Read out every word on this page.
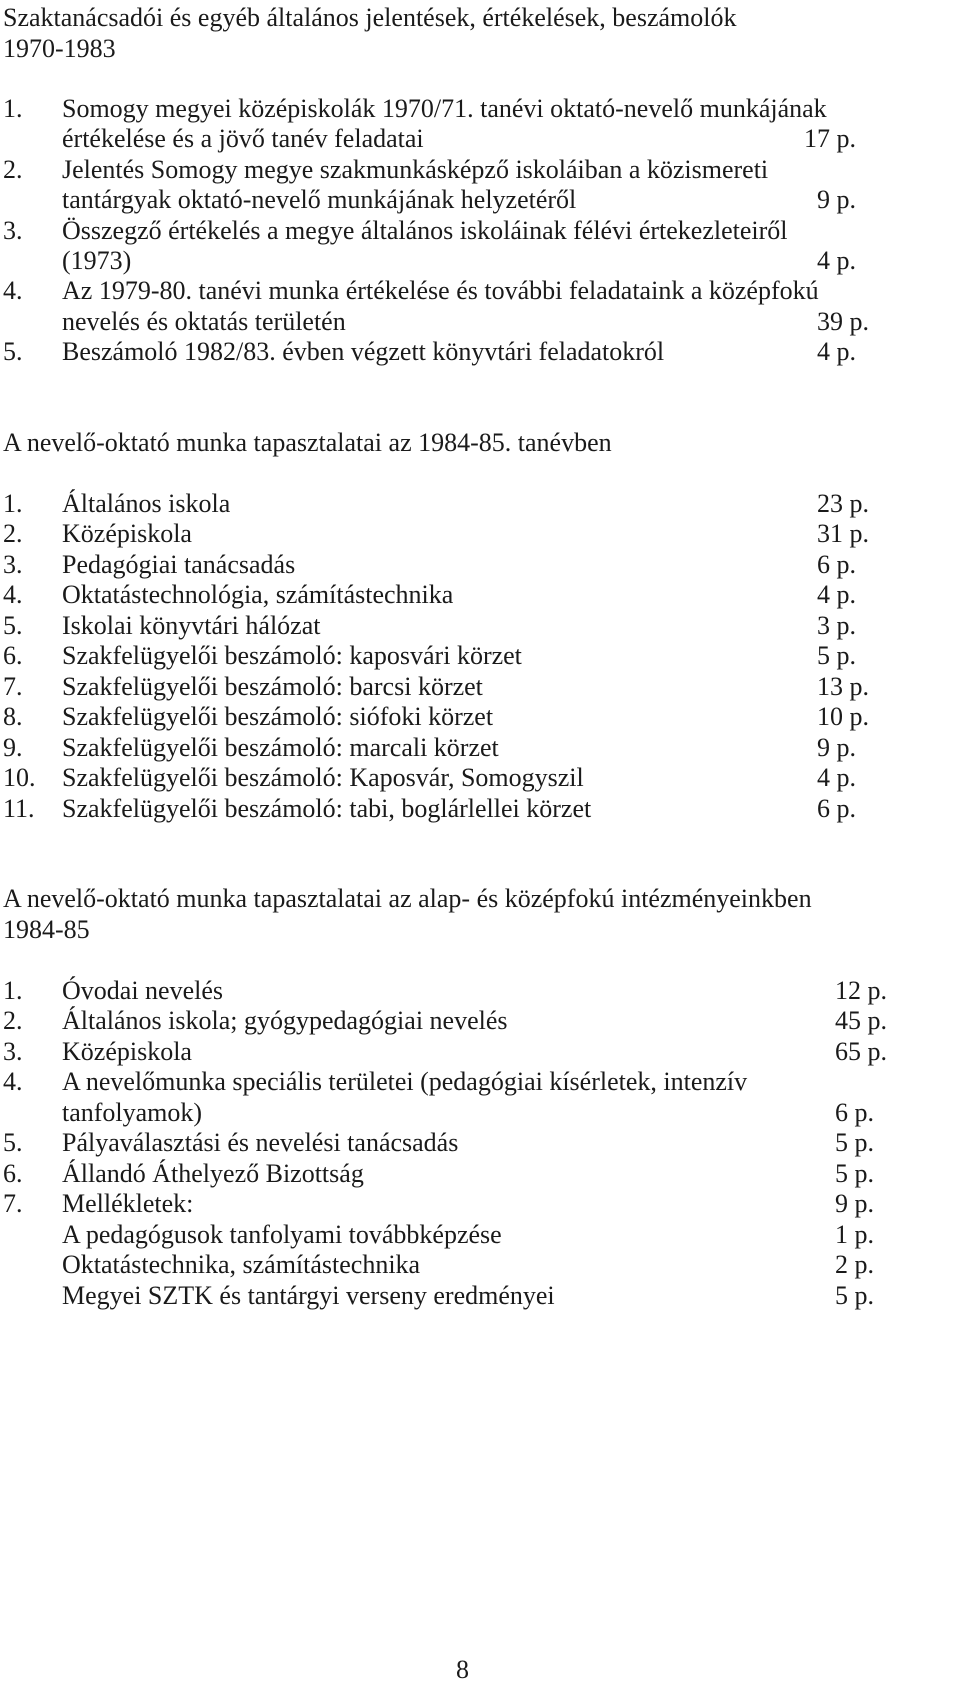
Szaktanácsadói és egyéb általános jelentések, értékelések, beszámolók
1970-1983
1. Somogy megyei középiskolák 1970/71. tanévi oktató-nevelő munkájának
értékelése és a jövő tanév feladatai	17 p.
2. Jelentés Somogy megye szakmunkásképző iskoláiban a közismereti
tantárgyak oktató-nevelő munkájának helyzetéről	9 p.
3. Összegző értékelés a megye általános iskoláinak félévi értekezleteiről
(1973)	4 p.
4. Az 1979-80. tanévi munka értékelése és további feladataink a középfokú
nevelés és oktatás területén	39 p.
5. Beszámoló 1982/83. évben végzett könyvtári feladatokról	4 p.
A nevelő-oktató munka tapasztalatai az 1984-85. tanévben
1. Általános iskola	23 p.
2. Középiskola	31 p.
3. Pedagógiai tanácsadás	6 p.
4. Oktatástechnológia, számítástechnika	4 p.
5. Iskolai könyvtári hálózat	3 p.
6. Szakfelügyelői beszámoló: kaposvári körzet	5 p.
7. Szakfelügyelői beszámoló: barcsi körzet	13 p.
8. Szakfelügyelői beszámoló: siófoki körzet	10 p.
9. Szakfelügyelői beszámoló: marcali körzet	9 p.
10. Szakfelügyelői beszámoló: Kaposvár, Somogyszil	4 p.
11. Szakfelügyelői beszámoló: tabi, boglárlellei körzet	6 p.
A nevelő-oktató munka tapasztalatai az alap- és középfokú intézményeinkben
1984-85
1. Óvodai nevelés	12 p.
2. Általános iskola; gyógypedagógiai nevelés	45 p.
3. Középiskola	65 p.
4. A nevelőmunka speciális területei (pedagógiai kísérletek, intenzív
tanfolyamok)	6 p.
5. Pályaválasztási és nevelési tanácsadás	5 p.
6. Állandó Áthelyező Bizottság	5 p.
7. Mellékletek:	9 p.
A pedagógusok tanfolyami továbbképzése	1 p.
Oktatástechnika, számítástechnika	2 p.
Megyei SZTK és tantárgyi verseny eredményei	5 p.
8
